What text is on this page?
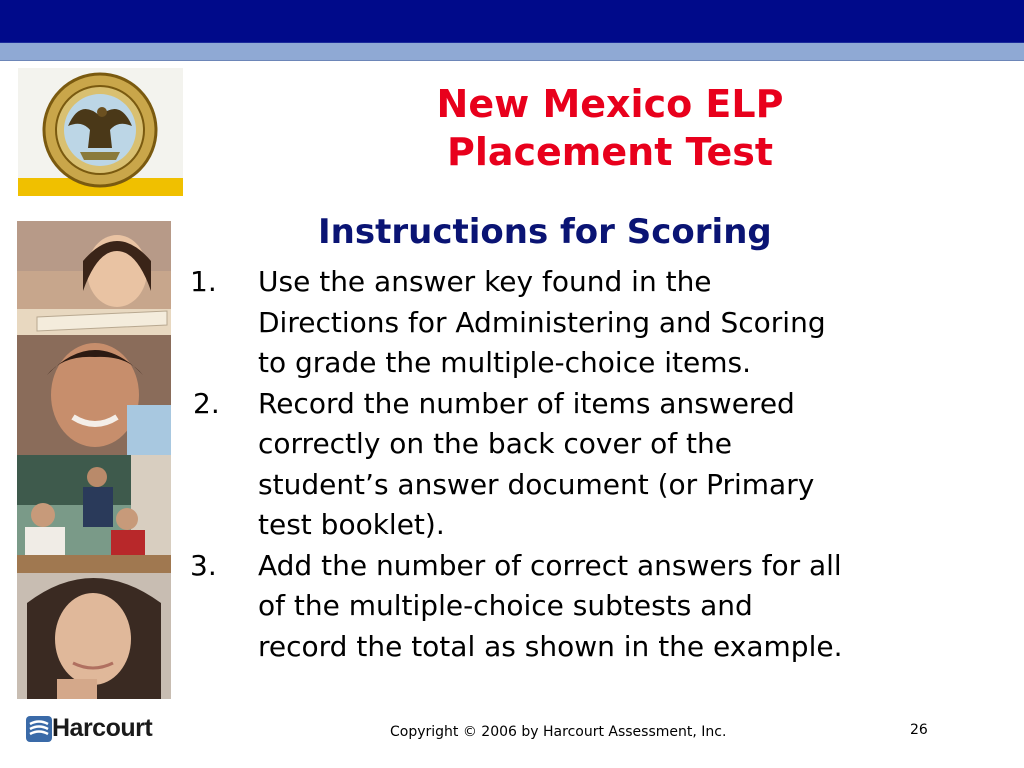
New Mexico ELP
Placement Test
Instructions for Scoring
1. Use the answer key found in the
Directions for Administering and Scoring
to grade the multiple-choice items.
2. Record the number of items answered
correctly on the back cover of the
student’s answer document (or Primary
test booklet).
3. Add the number of correct answers for all
of the multiple-choice subtests and
record the total as shown in the example.
Harcourt	Copyright © 2006 by Harcourt Assessment, Inc.	26
